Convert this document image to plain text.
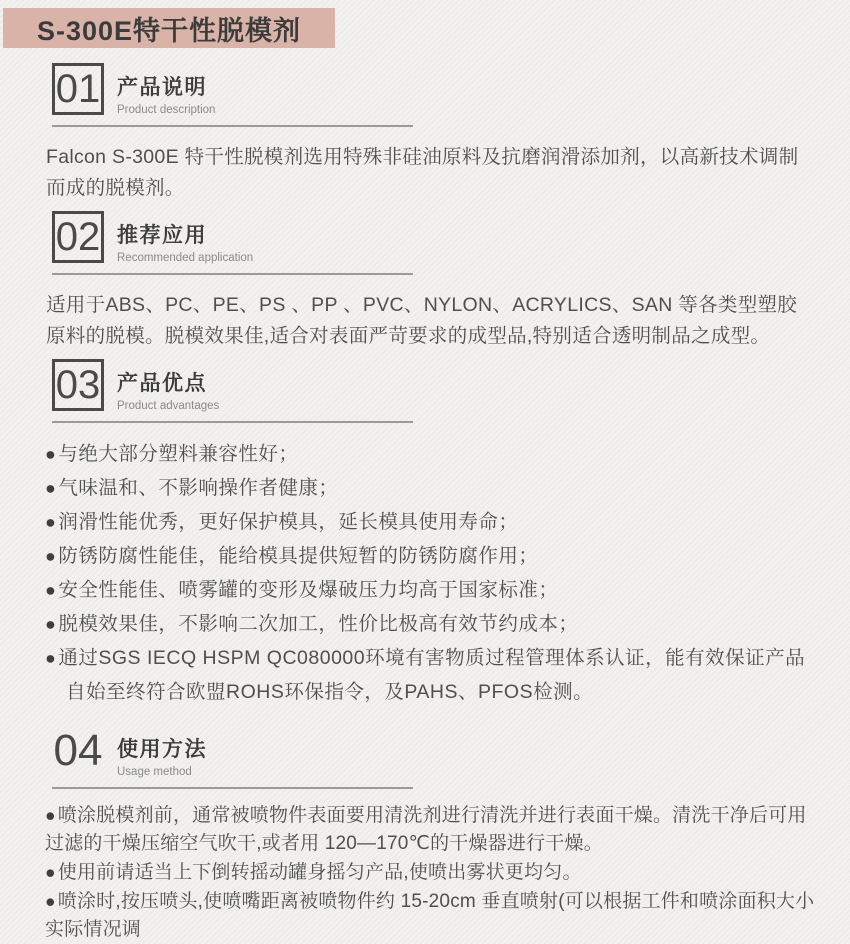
S-300E特干性脱模剂
01 产品说明
Product description

Falcon S-300E 特干性脱模剂选用特殊非硅油原料及抗磨润滑添加剂，以高新技术调制而成的脱模剂。

02 推荐应用
Recommended application

适用于ABS、PC、PE、PS 、PP 、PVC、NYLON、ACRYLICS、SAN 等各类型塑胶原料的脱模。脱模效果佳,适合对表面严苛要求的成型品,特别适合透明制品之成型。

03 产品优点
Product advantages
● 与绝大部分塑料兼容性好；
● 气味温和、不影响操作者健康；
● 润滑性能优秀，更好保护模具，延长模具使用寿命；
● 防锈防腐性能佳，能给模具提供短暂的防锈防腐作用；
● 安全性能佳、喷雾罐的变形及爆破压力均高于国家标准；
● 脱模效果佳，不影响二次加工，性价比极高有效节约成本；
● 通过SGS IECQ HSPM QC080000环境有害物质过程管理体系认证，能有效保证产品自始至终符合欧盟ROHS环保指令，及PAHS、PFOS检测。
04 使用方法
Usage method
● 喷涂脱模剂前，通常被喷物件表面要用清洗剂进行清洗并进行表面干燥。清洗干净后可用过滤的干燥压缩空气吹干,或者用 120—170℃的干燥器进行干燥。
● 使用前请适当上下倒转摇动罐身摇匀产品,使喷出雾状更均匀。
● 喷涂时,按压喷头,使喷嘴距离被喷物件约 15-20cm 垂直喷射(可以根据工件和喷涂面积大小实际情况调
